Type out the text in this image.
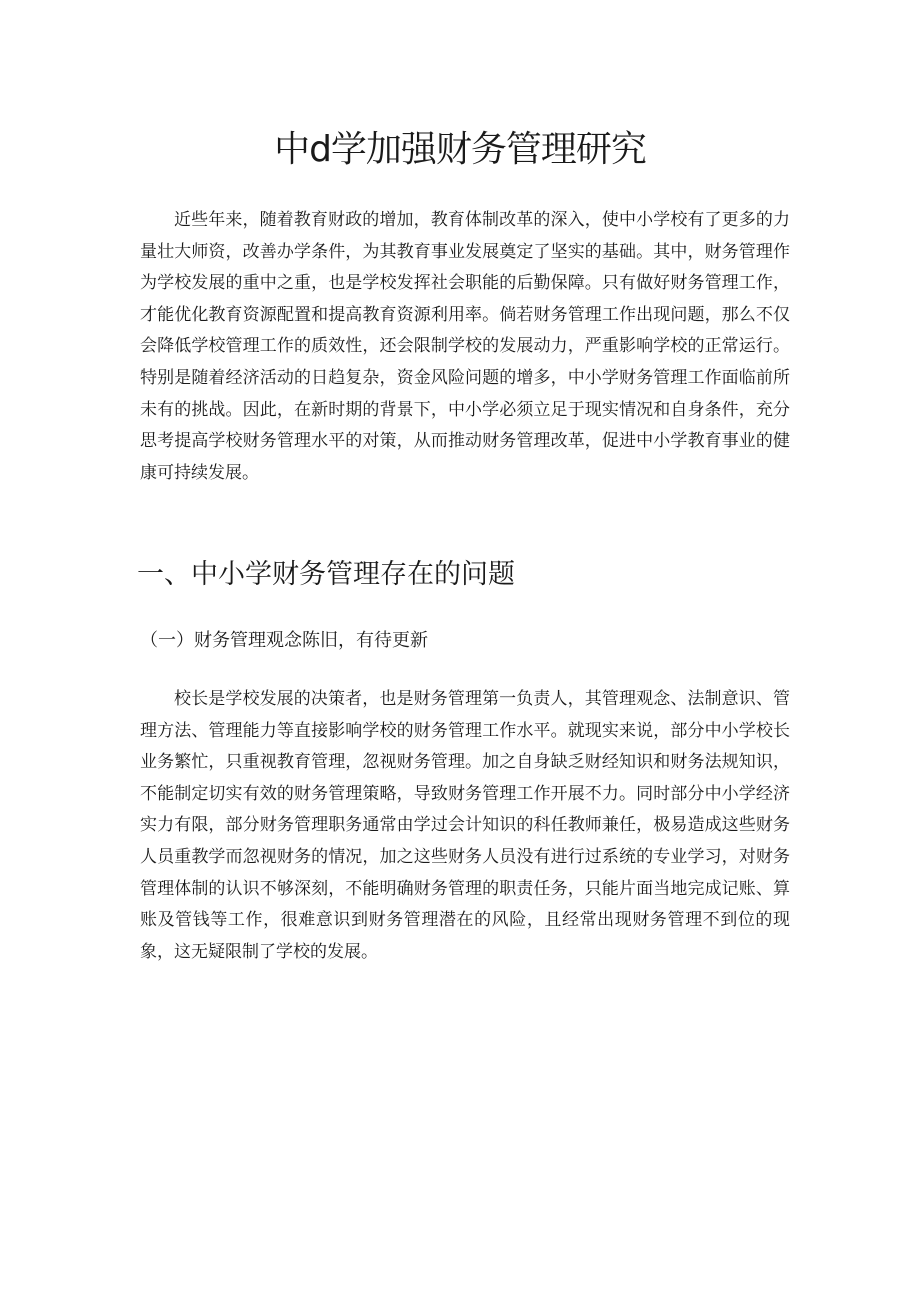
中d学加强财务管理研究

近些年来，随着教育财政的增加，教育体制改革的深入，使中小学校有了更多的力量壮大师资，改善办学条件，为其教育事业发展奠定了坚实的基础。其中，财务管理作为学校发展的重中之重，也是学校发挥社会职能的后勤保障。只有做好财务管理工作，才能优化教育资源配置和提高教育资源利用率。倘若财务管理工作出现问题，那么不仅会降低学校管理工作的质效性，还会限制学校的发展动力，严重影响学校的正常运行。特别是随着经济活动的日趋复杂，资金风险问题的增多，中小学财务管理工作面临前所未有的挑战。因此，在新时期的背景下，中小学必须立足于现实情况和自身条件，充分思考提高学校财务管理水平的对策，从而推动财务管理改革，促进中小学教育事业的健康可持续发展。

一、中小学财务管理存在的问题
（一）财务管理观念陈旧，有待更新

校长是学校发展的决策者，也是财务管理第一负责人，其管理观念、法制意识、管理方法、管理能力等直接影响学校的财务管理工作水平。就现实来说，部分中小学校长业务繁忙，只重视教育管理，忽视财务管理。加之自身缺乏财经知识和财务法规知识，不能制定切实有效的财务管理策略，导致财务管理工作开展不力。同时部分中小学经济实力有限，部分财务管理职务通常由学过会计知识的科任教师兼任，极易造成这些财务人员重教学而忽视财务的情况，加之这些财务人员没有进行过系统的专业学习，对财务管理体制的认识不够深刻，不能明确财务管理的职责任务，只能片面当地完成记账、算账及管钱等工作，很难意识到财务管理潜在的风险，且经常出现财务管理不到位的现象，这无疑限制了学校的发展。
